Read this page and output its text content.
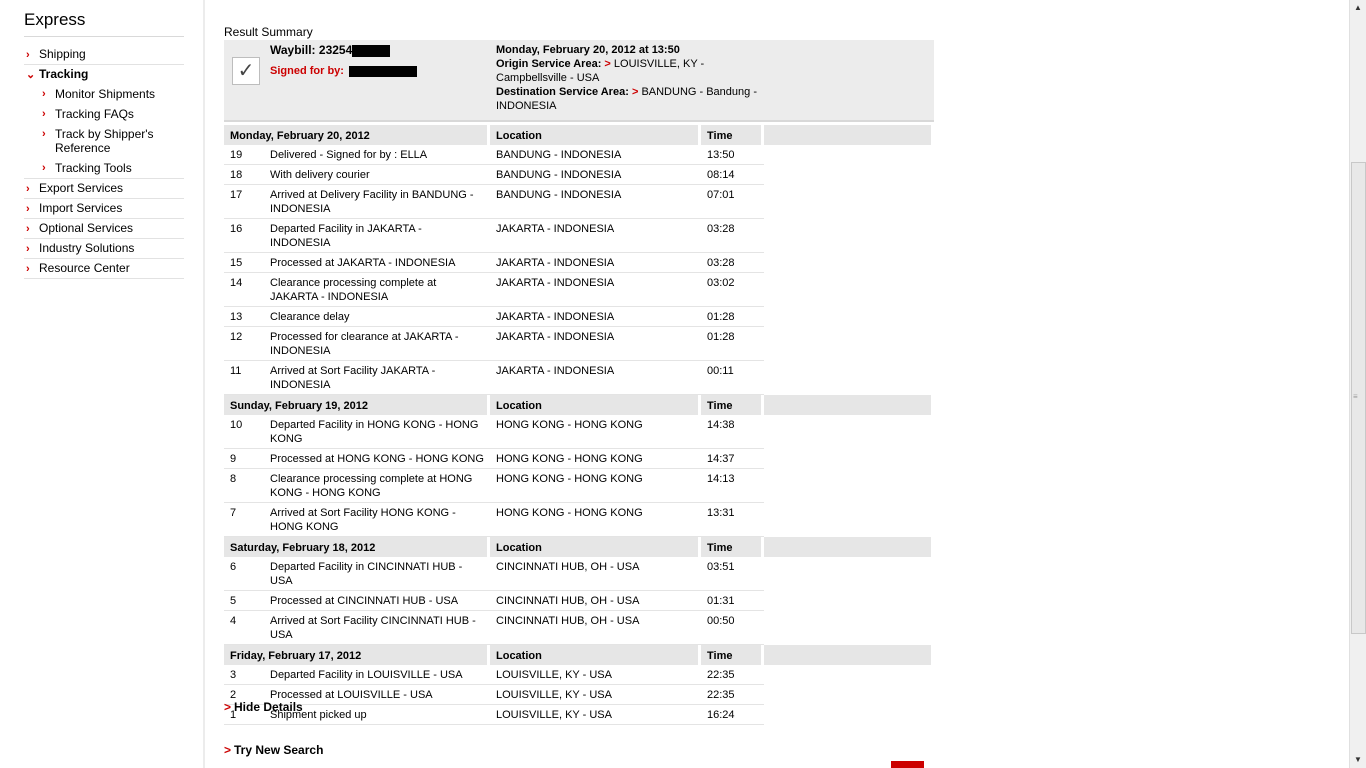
Express
› Shipping
⌄ Tracking
› Monitor Shipments
› Tracking FAQs
› Track by Shipper's Reference
› Tracking Tools
› Export Services
› Import Services
› Optional Services
› Industry Solutions
› Resource Center
Result Summary
✓
Waybill: 23254
Signed for by:
Monday, February 20, 2012 at 13:50
Origin Service Area: > LOUISVILLE, KY - Campbellsville - USA
Destination Service Area: > BANDUNG - Bandung - INDONESIA
Monday, February 20, 2012		Location	Time	
19	Delivered - Signed for by : ELLA	BANDUNG - INDONESIA	13:50	
18	With delivery courier	BANDUNG - INDONESIA	08:14	
17	Arrived at Delivery Facility in BANDUNG - INDONESIA	BANDUNG - INDONESIA	07:01	
16	Departed Facility in JAKARTA - INDONESIA	JAKARTA - INDONESIA	03:28	
15	Processed at JAKARTA - INDONESIA	JAKARTA - INDONESIA	03:28	
14	Clearance processing complete at JAKARTA - INDONESIA	JAKARTA - INDONESIA	03:02	
13	Clearance delay	JAKARTA - INDONESIA	01:28	
12	Processed for clearance at JAKARTA - INDONESIA	JAKARTA - INDONESIA	01:28	
11	Arrived at Sort Facility JAKARTA - INDONESIA	JAKARTA - INDONESIA	00:11	
Sunday, February 19, 2012		Location	Time	
10	Departed Facility in HONG KONG - HONG KONG	HONG KONG - HONG KONG	14:38	
9	Processed at HONG KONG - HONG KONG	HONG KONG - HONG KONG	14:37	
8	Clearance processing complete at HONG KONG - HONG KONG	HONG KONG - HONG KONG	14:13	
7	Arrived at Sort Facility HONG KONG - HONG KONG	HONG KONG - HONG KONG	13:31	
Saturday, February 18, 2012		Location	Time	
6	Departed Facility in CINCINNATI HUB - USA	CINCINNATI HUB, OH - USA	03:51	
5	Processed at CINCINNATI HUB - USA	CINCINNATI HUB, OH - USA	01:31	
4	Arrived at Sort Facility CINCINNATI HUB - USA	CINCINNATI HUB, OH - USA	00:50	
Friday, February 17, 2012		Location	Time	
3	Departed Facility in LOUISVILLE - USA	LOUISVILLE, KY - USA	22:35	
2	Processed at LOUISVILLE - USA	LOUISVILLE, KY - USA	22:35	
1	Shipment picked up	LOUISVILLE, KY - USA	16:24	
> Hide Details
> Try New Search
▲
≡
▼
